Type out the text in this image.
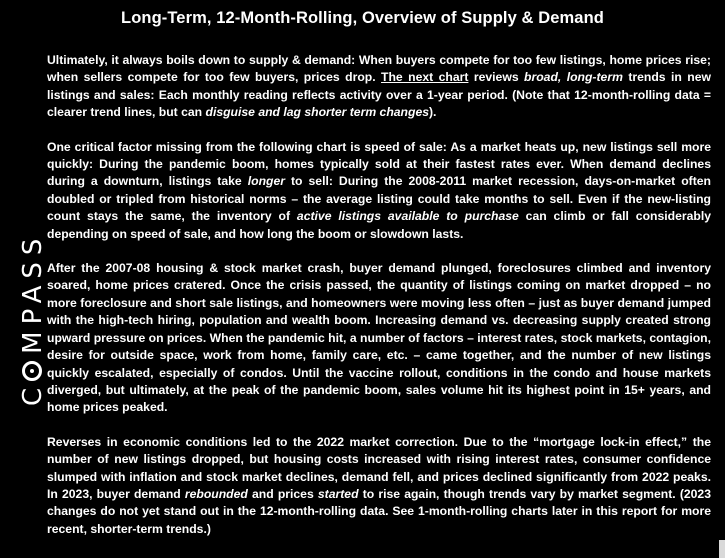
Long-Term, 12-Month-Rolling, Overview of Supply & Demand
CMPASS

Ultimately, it always boils down to supply & demand: When buyers compete for too few listings, home prices rise; when sellers compete for too few buyers, prices drop. The next chart reviews broad, long-term trends in new listings and sales: Each monthly reading reflects activity over a 1-year period. (Note that 12-month-rolling data = clearer trend lines, but can disguise and lag shorter term changes).

One critical factor missing from the following chart is speed of sale: As a market heats up, new listings sell more quickly: During the pandemic boom, homes typically sold at their fastest rates ever. When demand declines during a downturn, listings take longer to sell: During the 2008-2011 market recession, days-on-market often doubled or tripled from historical norms – the average listing could take months to sell. Even if the new-listing count stays the same, the inventory of active listings available to purchase can climb or fall considerably depending on speed of sale, and how long the boom or slowdown lasts.

After the 2007-08 housing & stock market crash, buyer demand plunged, foreclosures climbed and inventory soared, home prices cratered. Once the crisis passed, the quantity of listings coming on market dropped – no more foreclosure and short sale listings, and homeowners were moving less often – just as buyer demand jumped with the high-tech hiring, population and wealth boom. Increasing demand vs. decreasing supply created strong upward pressure on prices. When the pandemic hit, a number of factors – interest rates, stock markets, contagion, desire for outside space, work from home, family care, etc. – came together, and the number of new listings quickly escalated, especially of condos. Until the vaccine rollout, conditions in the condo and house markets diverged, but ultimately, at the peak of the pandemic boom, sales volume hit its highest point in 15+ years, and home prices peaked.

Reverses in economic conditions led to the 2022 market correction. Due to the “mortgage lock-in effect,” the number of new listings dropped, but housing costs increased with rising interest rates, consumer confidence slumped with inflation and stock market declines, demand fell, and prices declined significantly from 2022 peaks. In 2023, buyer demand rebounded and prices started to rise again, though trends vary by market segment. (2023 changes do not yet stand out in the 12-month-rolling data. See 1-month-rolling charts later in this report for more recent, shorter-term trends.)
